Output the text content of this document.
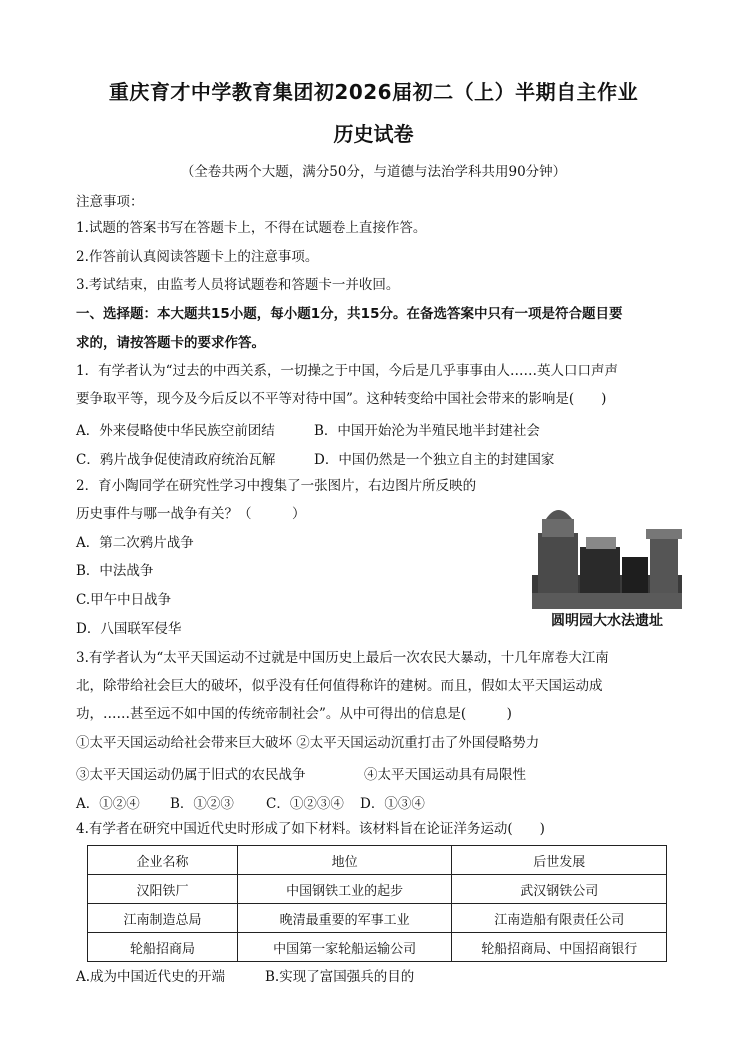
重庆育才中学教育集团初2026届初二（上）半期自主作业
历史试卷
（全卷共两个大题，满分50分，与道德与法治学科共用90分钟）
注意事项：
1.试题的答案书写在答题卡上，不得在试题卷上直接作答。
2.作答前认真阅读答题卡上的注意事项。
3.考试结束，由监考人员将试题卷和答题卡一并收回。
一、选择题：本大题共15小题，每小题1分，共15分。在备选答案中只有一项是符合题目要
求的，请按答题卡的要求作答。
1．有学者认为“过去的中西关系，一切操之于中国，今后是几乎事事由人……英人口口声声
要争取平等，现今及今后反以不平等对待中国”。这种转变给中国社会带来的影响是(　　)
A．外来侵略使中华民族空前团结	B．中国开始沦为半殖民地半封建社会
C．鸦片战争促使清政府统治瓦解	D．中国仍然是一个独立自主的封建国家
2．育小陶同学在研究性学习中搜集了一张图片，右边图片所反映的
历史事件与哪一战争有关？（　　　）
A．第二次鸦片战争
B．中法战争
C.甲午中日战争
D．八国联军侵华	圆明园大水法遗址
3.有学者认为“太平天国运动不过就是中国历史上最后一次农民大暴动，十几年席卷大江南
北，除带给社会巨大的破坏，似乎没有任何值得称许的建树。而且，假如太平天国运动成
功，……甚至远不如中国的传统帝制社会”。从中可得出的信息是(　　　)
①太平天国运动给社会带来巨大破坏 ②太平天国运动沉重打击了外国侵略势力
③太平天国运动仍属于旧式的农民战争	④太平天国运动具有局限性
A．①②④ B．①②③ C．①②③④ D．①③④
4.有学者在研究中国近代史时形成了如下材料。该材料旨在论证洋务运动(　　)
企业名称	地位	后世发展
汉阳铁厂	中国钢铁工业的起步	武汉钢铁公司
江南制造总局	晚清最重要的军事工业	江南造船有限责任公司
轮船招商局	中国第一家轮船运输公司	轮船招商局、中国招商银行
A.成为中国近代史的开端	B.实现了富国强兵的目的
